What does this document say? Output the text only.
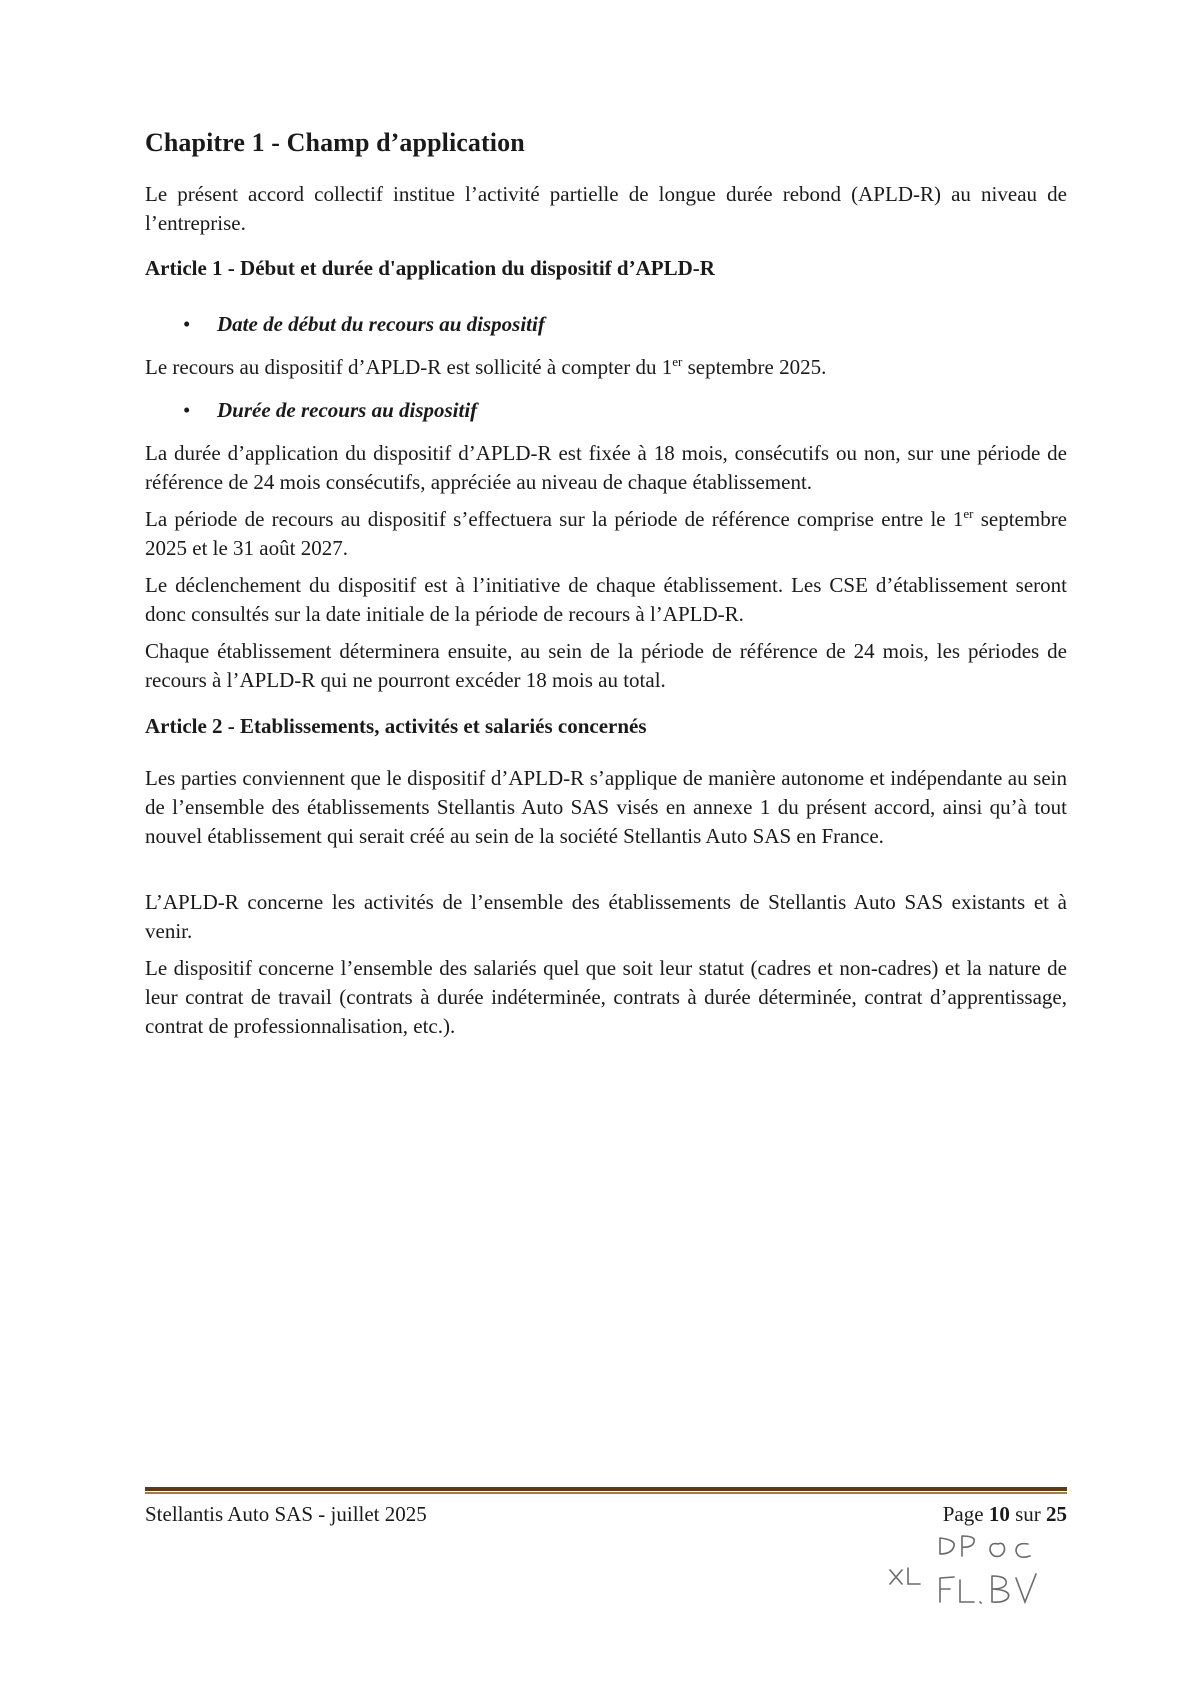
Chapitre 1 - Champ d’application

Le présent accord collectif institue l’activité partielle de longue durée rebond (APLD-R) au niveau de l’entreprise.

Article 1 - Début et durée d'application du dispositif d’APLD-R
• Date de début du recours au dispositif

Le recours au dispositif d’APLD-R est sollicité à compter du 1er septembre 2025.

• Durée de recours au dispositif

La durée d’application du dispositif d’APLD-R est fixée à 18 mois, consécutifs ou non, sur une période de référence de 24 mois consécutifs, appréciée au niveau de chaque établissement.

La période de recours au dispositif s’effectuera sur la période de référence comprise entre le 1er septembre 2025 et le 31 août 2027.

Le déclenchement du dispositif est à l’initiative de chaque établissement. Les CSE d’établissement seront donc consultés sur la date initiale de la période de recours à l’APLD-R.

Chaque établissement déterminera ensuite, au sein de la période de référence de 24 mois, les périodes de recours à l’APLD-R qui ne pourront excéder 18 mois au total.

Article 2 - Etablissements, activités et salariés concernés

Les parties conviennent que le dispositif d’APLD-R s’applique de manière autonome et indépendante au sein de l’ensemble des établissements Stellantis Auto SAS visés en annexe 1 du présent accord, ainsi qu’à tout nouvel établissement qui serait créé au sein de la société Stellantis Auto SAS en France.

L’APLD-R concerne les activités de l’ensemble des établissements de Stellantis Auto SAS existants et à venir.

Le dispositif concerne l’ensemble des salariés quel que soit leur statut (cadres et non-cadres) et la nature de leur contrat de travail (contrats à durée indéterminée, contrats à durée déterminée, contrat d’apprentissage, contrat de professionnalisation, etc.).

Stellantis Auto SAS - juillet 2025	Page 10 sur 25
